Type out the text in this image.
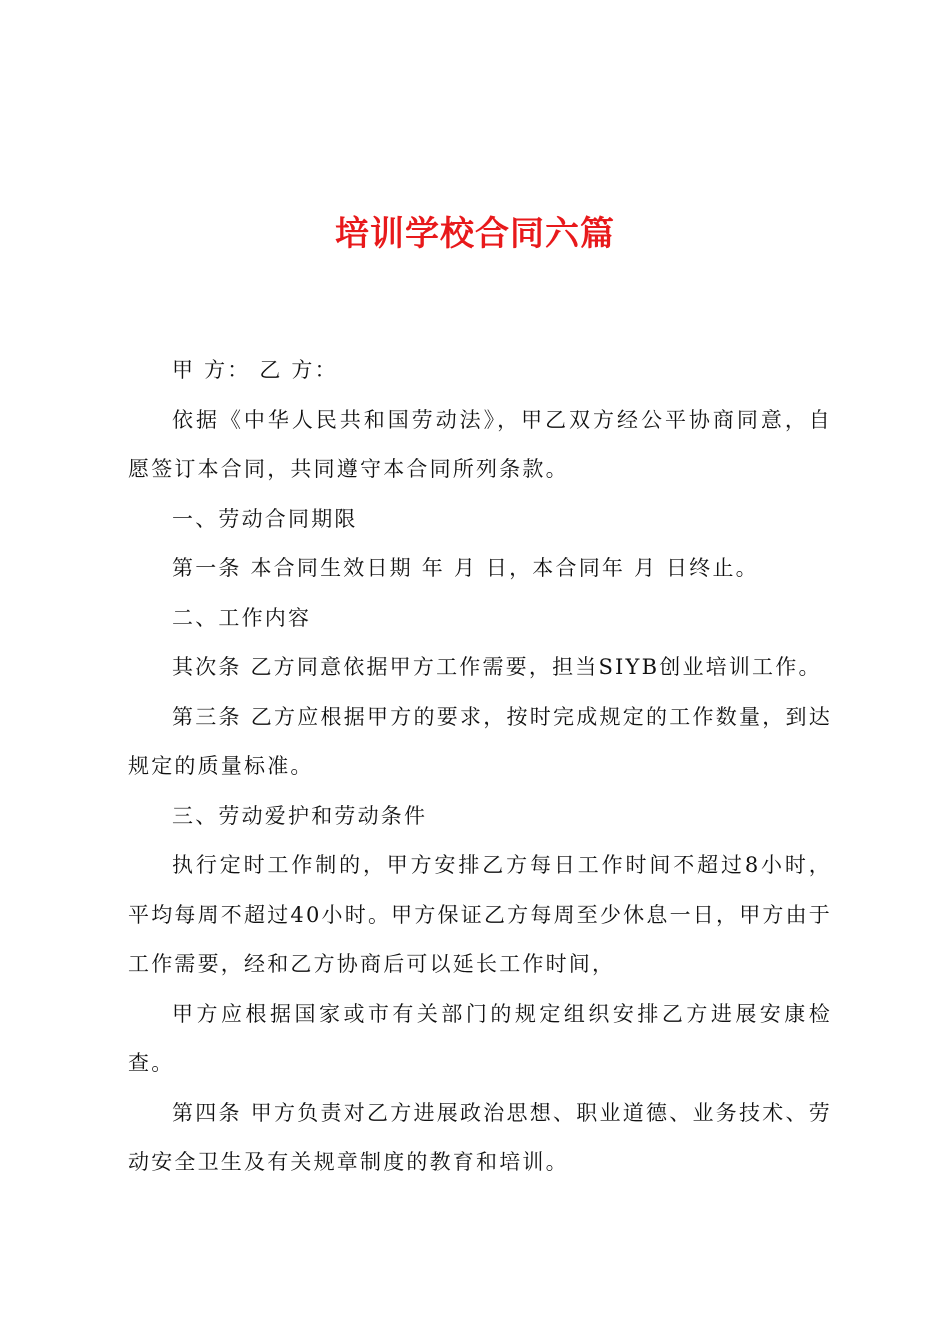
培训学校合同六篇

甲 方： 乙 方：

依据《中华人民共和国劳动法》，甲乙双方经公平协商同意，自愿签订本合同，共同遵守本合同所列条款。

一、劳动合同期限

第一条 本合同生效日期 年 月 日，本合同年 月 日终止。

二、工作内容

其次条 乙方同意依据甲方工作需要，担当SIYB创业培训工作。

第三条 乙方应根据甲方的要求，按时完成规定的工作数量，到达规定的质量标准。

三、劳动爱护和劳动条件

执行定时工作制的，甲方安排乙方每日工作时间不超过8小时，平均每周不超过40小时。甲方保证乙方每周至少休息一日，甲方由于工作需要，经和乙方协商后可以延长工作时间，

甲方应根据国家或市有关部门的规定组织安排乙方进展安康检查。

第四条 甲方负责对乙方进展政治思想、职业道德、业务技术、劳动安全卫生及有关规章制度的教育和培训。
